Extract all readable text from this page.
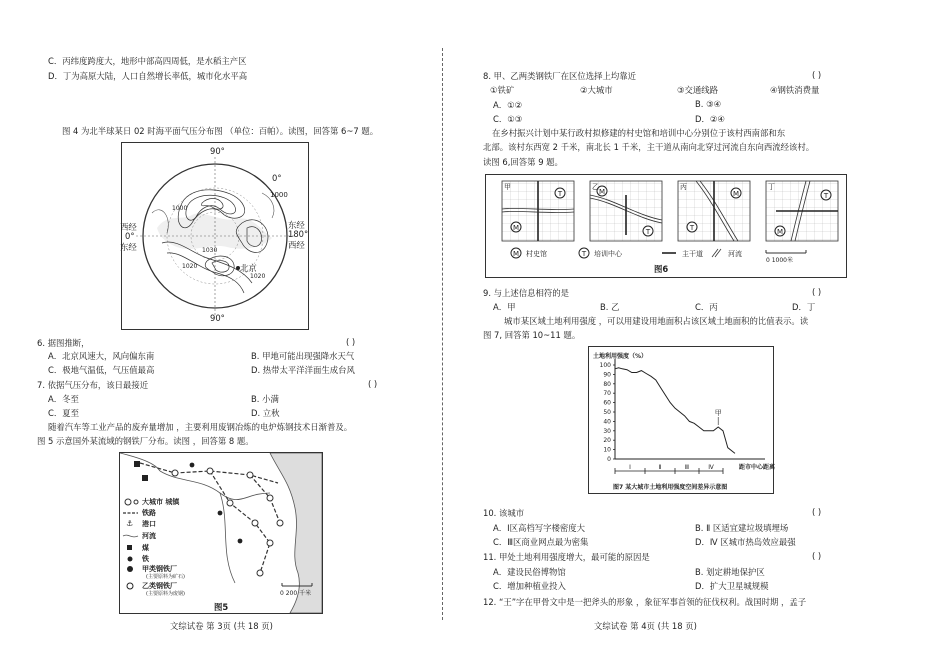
C．丙纬度跨度大，地形中部高四周低，是水稻主产区
D．丁为高原大陆，人口自然增长率低，城市化水平高
图 4 为北半球某日 02 时海平面气压分布图 （单位：百帕）。读图，回答第 6~7 题。
90°
0°
1000
西经
0°
东经
东经
180°
西经
1000
1020
1020
1030
北京
90°
6. 据图推断，	( )
A．北京风速大，风向偏东南	B. 甲地可能出现强降水天气
C．极地气温低，气压值最高	D. 热带太平洋洋面生成台风
7. 依据气压分布，该日最接近	( )
A．冬至	B. 小满
C．夏至	D. 立秋
随着汽车等工业产品的废弃量增加 ，主要利用废钢冶炼的电炉炼钢技术日渐普及。
图 5 示意国外某流域的钢铁厂分布。读图 ，回答第 8 题。
⚓
大城市 城镇
铁路
港口
河流
煤
铁
甲类钢铁厂
(主要原料为矿石)
乙类钢铁厂
(主要原料为废钢)	0 200 千米
图5
文综试卷 第 3页 (共 18 页)
8. 甲、乙两类钢铁厂在区位选择上均靠近	( )
①铁矿	②大城市	③交通线路	④钢铁消费量
A．①②	B. ③④
C．①③	D．②④
在乡村振兴计划中某行政村拟修建的村史馆和培训中心分别位于该村西南部和东
北部。该村东西宽 2 千米，南北长 1 千米，主干道从南向北穿过河流自东向西流经该村。
读图 6,回答第 9 题。
M
T	M
T	T
M	T
M
M	T
甲	乙	丙	丁
村史馆	培训中心	主干道	河流
0 1000米
图6
9. 与上述信息相符的是	( )
A．甲	B. 乙	C．丙	D．丁
城市某区域土地利用强度 ，可以用建设用地面积占该区域土地面积的比值表示。读
图 7, 回答第 10~11 题。
土地利用强度（%）
0
10
20
30
40
50
60
70
80
90
100
Ⅰ	Ⅱ	Ⅲ	Ⅳ
甲
距市中心距离
图7 某大城市土地利用强度空间差异示意图
10. 该城市	( )
A．Ⅰ区高档写字楼密度大	B. Ⅱ 区适宜建垃圾填埋场
C．Ⅲ区商业网点最为密集	D．Ⅳ 区城市热岛效应最强
11. 甲处土地利用强度增大，最可能的原因是	( )
A．建设民俗博物馆	B. 划定耕地保护区
C．增加种植业投入	D．扩大卫星城规模
12. “王”字在甲骨文中是一把斧头的形象 ，象征军事首领的征伐权利。战国时期 ，孟子
文综试卷 第 4页 (共 18 页)
